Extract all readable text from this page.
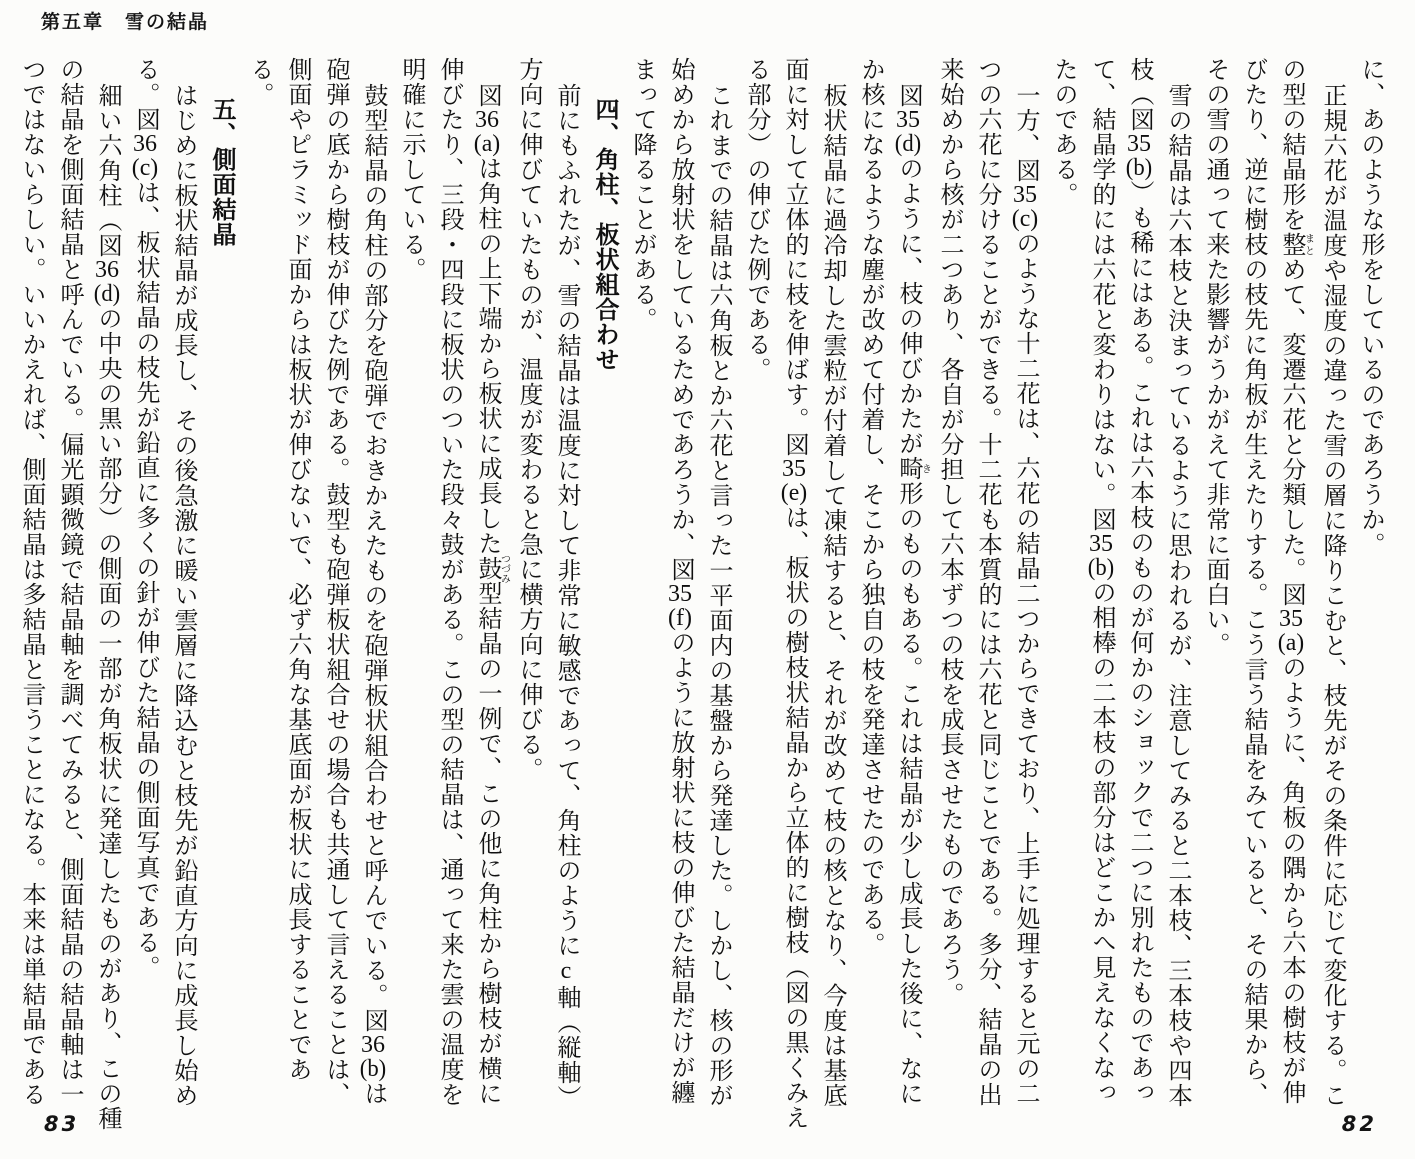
第五章　雪の結晶
に、あのような形をしているのであろうか。
正規六花が温度や湿度の違った雪の層に降りこむと、枝先がその条件に応じて変化する。こ
の型の結晶形を整まとめて、変遷六花と分類した。図35(a)のように、角板の隅から六本の樹枝が伸
びたり、逆に樹枝の枝先に角板が生えたりする。こう言う結晶をみていると、その結果から、
その雪の通って来た影響がうかがえて非常に面白い。
雪の結晶は六本枝と決まっているように思われるが、注意してみると二本枝、三本枝や四本
枝（図35(b)）も稀にはある。これは六本枝のものが何かのショックで二つに別れたものであっ
て、結晶学的には六花と変わりはない。図35(b)の相棒の二本枝の部分はどこかへ見えなくなっ
たのである。
一方、図35(c)のような十二花は、六花の結晶二つからできており、上手に処理すると元の二
つの六花に分けることができる。十二花も本質的には六花と同じことである。多分、結晶の出
来始めから核が二つあり、各自が分担して六本ずつの枝を成長させたものであろう。
図35(d)のように、枝の伸びかたが畸き形のものもある。これは結晶が少し成長した後に、なに
か核になるような塵が改めて付着し、そこから独自の枝を発達させたのである。
板状結晶に過冷却した雲粒が付着して凍結すると、それが改めて枝の核となり、今度は基底
面に対して立体的に枝を伸ばす。図35(e)は、板状の樹枝状結晶から立体的に樹枝（図の黒くみえ
る部分）の伸びた例である。
これまでの結晶は六角板とか六花と言った一平面内の基盤から発達した。しかし、核の形が
始めから放射状をしているためであろうか、図35(f)のように放射状に枝の伸びた結晶だけが纏
まって降ることがある。
四、角柱、板状組合わせ
前にもふれたが、雪の結晶は温度に対して非常に敏感であって、角柱のようにc軸（縦軸）
方向に伸びていたものが、温度が変わると急に横方向に伸びる。
図36(a)は角柱の上下端から板状に成長した鼓つづみ型結晶の一例で、この他に角柱から樹枝が横に
伸びたり、三段・四段に板状のついた段々鼓がある。この型の結晶は、通って来た雲の温度を
明確に示している。
鼓型結晶の角柱の部分を砲弾でおきかえたものを砲弾板状組合わせと呼んでいる。図36(b)は
砲弾の底から樹枝が伸びた例である。鼓型も砲弾板状組合せの場合も共通して言えることは、
側面やピラミッド面からは板状が伸びないで、必ず六角な基底面が板状に成長することであ
る。
五、側面結晶
はじめに板状結晶が成長し、その後急激に暖い雲層に降込むと枝先が鉛直方向に成長し始め
る。図36(c)は、板状結晶の枝先が鉛直に多くの針が伸びた結晶の側面写真である。
細い六角柱（図36(d)の中央の黒い部分）の側面の一部が角板状に発達したものがあり、この種
の結晶を側面結晶と呼んでいる。偏光顕微鏡で結晶軸を調べてみると、側面結晶の結晶軸は一
つではないらしい。いいかえれば、側面結晶は多結晶と言うことになる。本来は単結晶である
83	82
